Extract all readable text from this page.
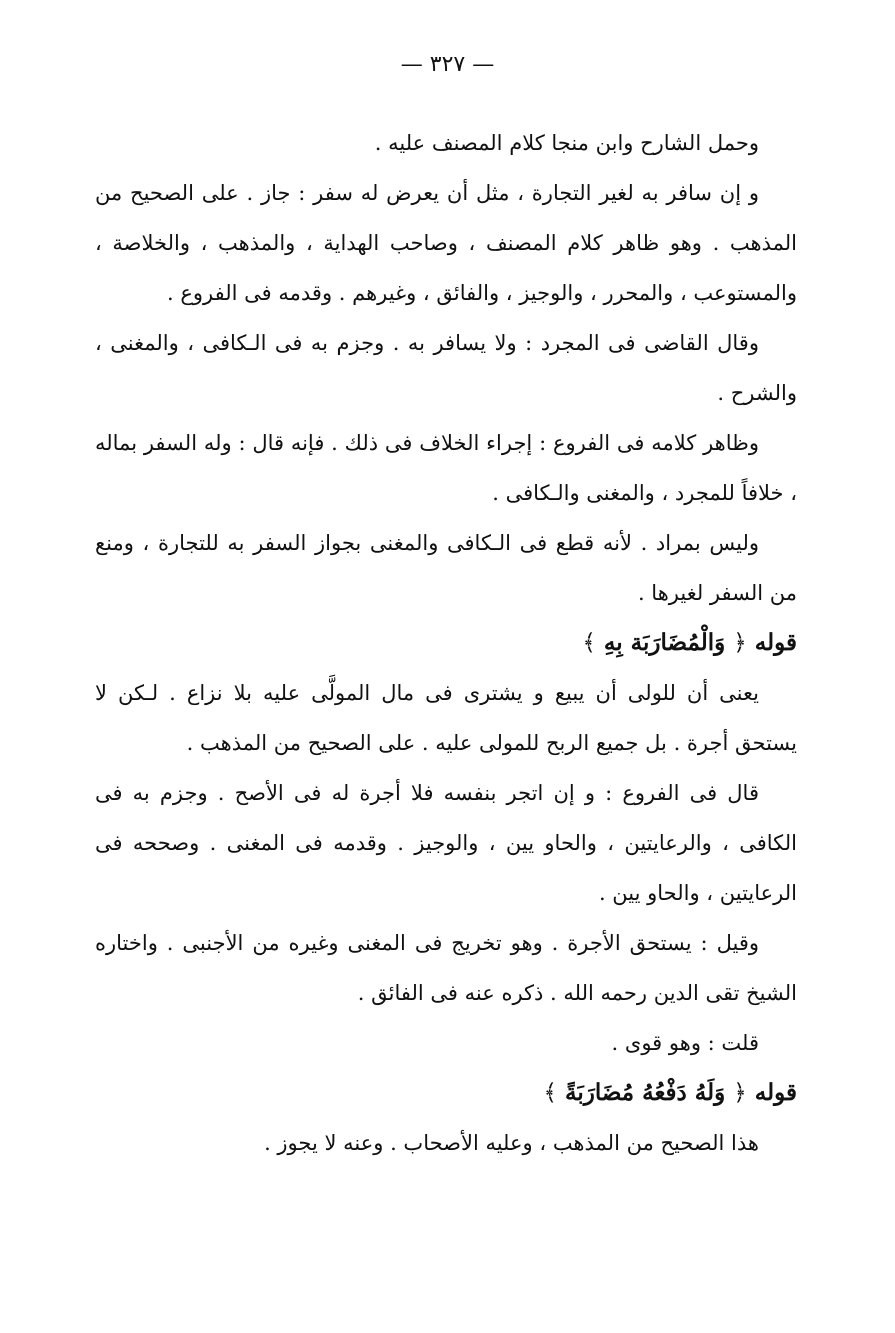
— ٣٢٧ —

وحمل الشارح وابن منجا كلام المصنف عليه .

و إن سافر به لغير التجارة ، مثل أن يعرض له سفر : جاز . على الصحيح من المذهب . وهو ظاهر كلام المصنف ، وصاحب الهداية ، والمذهب ، والخلاصة ، والمستوعب ، والمحرر ، والوجيز ، والفائق ، وغيرهم . وقدمه فى الفروع .

وقال القاضى فى المجرد : ولا يسافر به . وجزم به فى الـكافى ، والمغنى ، والشرح .

وظاهر كلامه فى الفروع : إجراء الخلاف فى ذلك . فإنه قال : وله السفر بماله ، خلافاً للمجرد ، والمغنى والـكافى .

وليس بمراد . لأنه قطع فى الـكافى والمغنى بجواز السفر به للتجارة ، ومنع من السفر لغيرها .

قوله ﴿ وَالْمُضَارَبَة بِهِ ﴾

يعنى أن للولى أن يبيع و يشترى فى مال المولَّى عليه بلا نزاع . لـكن لا يستحق أجرة . بل جميع الربح للمولى عليه . على الصحيح من المذهب .

قال فى الفروع : و إن اتجر بنفسه فلا أجرة له فى الأصح . وجزم به فى الكافى ، والرعايتين ، والحاو يين ، والوجيز . وقدمه فى المغنى . وصححه فى الرعايتين ، والحاو يين .

وقيل : يستحق الأجرة . وهو تخريج فى المغنى وغيره من الأجنبى . واختاره الشيخ تقى الدين رحمه الله . ذكره عنه فى الفائق .

قلت : وهو قوى .

قوله ﴿ وَلَهُ دَفْعُهُ مُضَارَبَةً ﴾

هذا الصحيح من المذهب ، وعليه الأصحاب . وعنه لا يجوز .
